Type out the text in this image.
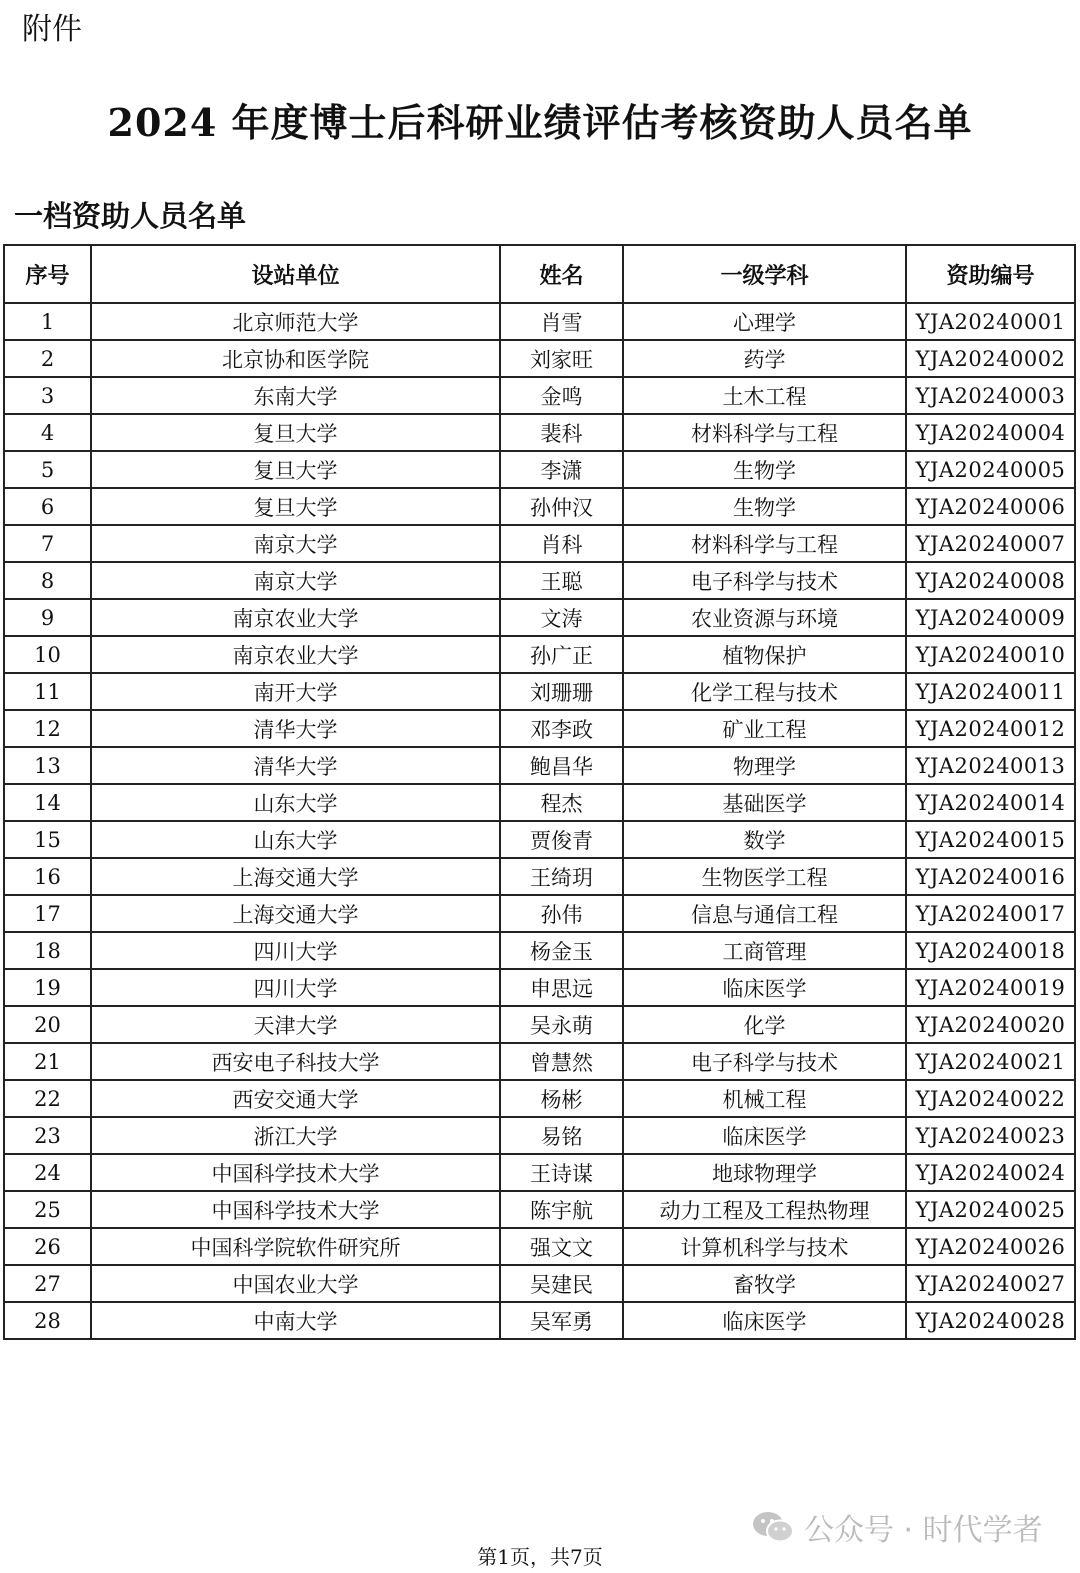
附件
2024 年度博士后科研业绩评估考核资助人员名单
一档资助人员名单
序号	设站单位	姓名	一级学科	资助编号
1	北京师范大学	肖雪	心理学	YJA20240001
2	北京协和医学院	刘家旺	药学	YJA20240002
3	东南大学	金鸣	土木工程	YJA20240003
4	复旦大学	裴科	材料科学与工程	YJA20240004
5	复旦大学	李潇	生物学	YJA20240005
6	复旦大学	孙仲汉	生物学	YJA20240006
7	南京大学	肖科	材料科学与工程	YJA20240007
8	南京大学	王聪	电子科学与技术	YJA20240008
9	南京农业大学	文涛	农业资源与环境	YJA20240009
10	南京农业大学	孙广正	植物保护	YJA20240010
11	南开大学	刘珊珊	化学工程与技术	YJA20240011
12	清华大学	邓李政	矿业工程	YJA20240012
13	清华大学	鲍昌华	物理学	YJA20240013
14	山东大学	程杰	基础医学	YJA20240014
15	山东大学	贾俊青	数学	YJA20240015
16	上海交通大学	王绮玥	生物医学工程	YJA20240016
17	上海交通大学	孙伟	信息与通信工程	YJA20240017
18	四川大学	杨金玉	工商管理	YJA20240018
19	四川大学	申思远	临床医学	YJA20240019
20	天津大学	吴永萌	化学	YJA20240020
21	西安电子科技大学	曾慧然	电子科学与技术	YJA20240021
22	西安交通大学	杨彬	机械工程	YJA20240022
23	浙江大学	易铭	临床医学	YJA20240023
24	中国科学技术大学	王诗谋	地球物理学	YJA20240024
25	中国科学技术大学	陈宇航	动力工程及工程热物理	YJA20240025
26	中国科学院软件研究所	强文文	计算机科学与技术	YJA20240026
27	中国农业大学	吴建民	畜牧学	YJA20240027
28	中南大学	吴军勇	临床医学	YJA20240028
公众号 · 时代学者
第1页，共7页
